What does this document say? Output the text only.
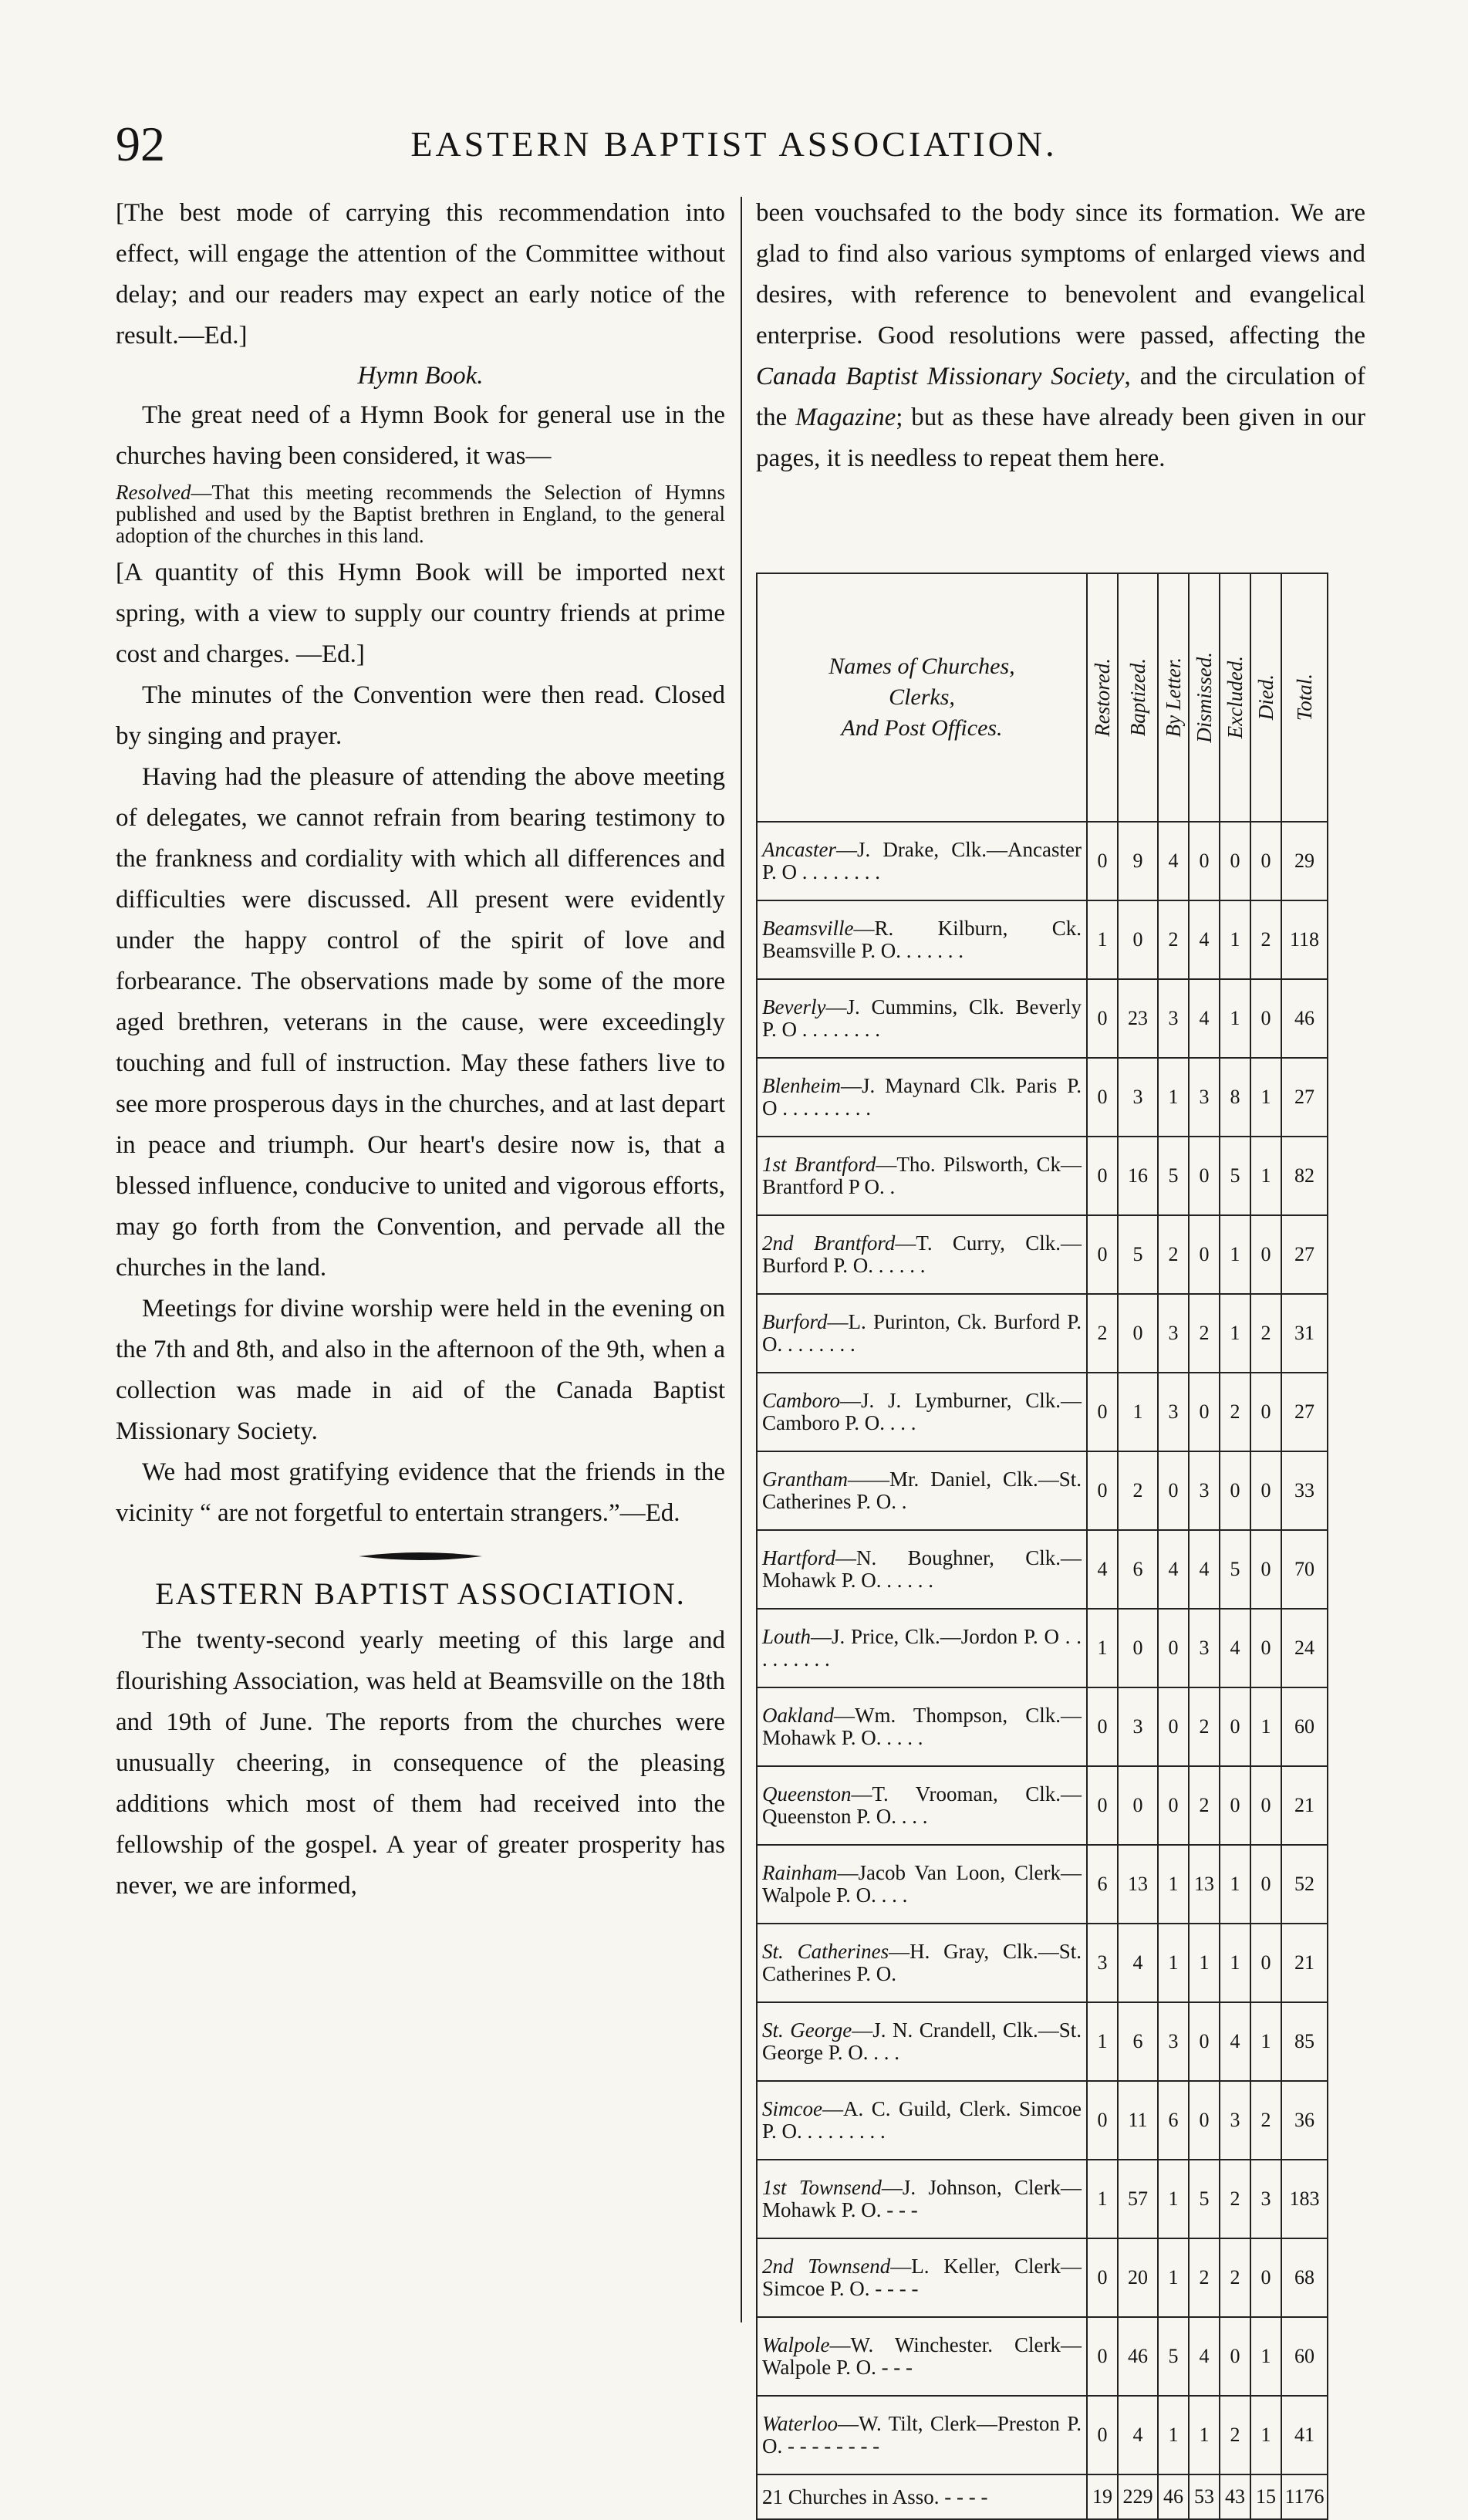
92	EASTERN BAPTIST ASSOCIATION.

[The best mode of carrying this recommendation into effect, will engage the attention of the Committee without delay; and our readers may expect an early notice of the result.—Ed.]

Hymn Book.

The great need of a Hymn Book for general use in the churches having been considered, it was—

Resolved—That this meeting recommends the Selection of Hymns published and used by the Baptist brethren in England, to the general adoption of the churches in this land.

[A quantity of this Hymn Book will be imported next spring, with a view to supply our country friends at prime cost and charges. —Ed.]

The minutes of the Convention were then read. Closed by singing and prayer.

Having had the pleasure of attending the above meeting of delegates, we cannot refrain from bearing testimony to the frankness and cordiality with which all differences and difficulties were discussed. All present were evidently under the happy control of the spirit of love and forbearance. The observations made by some of the more aged brethren, veterans in the cause, were exceedingly touching and full of instruction. May these fathers live to see more prosperous days in the churches, and at last depart in peace and triumph. Our heart's desire now is, that a blessed influence, conducive to united and vigorous efforts, may go forth from the Convention, and pervade all the churches in the land.

Meetings for divine worship were held in the evening on the 7th and 8th, and also in the afternoon of the 9th, when a collection was made in aid of the Canada Baptist Missionary Society.

We had most gratifying evidence that the friends in the vicinity “ are not forgetful to entertain strangers.”—Ed.

EASTERN BAPTIST ASSOCIATION.

The twenty-second yearly meeting of this large and flourishing Association, was held at Beamsville on the 18th and 19th of June. The reports from the churches were unusually cheering, in consequence of the pleasing additions which most of them had received into the fellowship of the gospel. A year of greater prosperity has never, we are informed,

been vouchsafed to the body since its formation. We are glad to find also various symptoms of enlarged views and desires, with reference to benevolent and evangelical enterprise. Good resolutions were passed, affecting the Canada Baptist Missionary Society, and the circulation of the Magazine; but as these have already been given in our pages, it is needless to repeat them here.

Names of Churches,
Clerks,
And Post Offices.	Restored.	Baptized.	By Letter.	Dismissed.	Excluded.	Died.	Total.

Ancaster—J. Drake, Clk.—Ancaster P. O . . . . . . . .	0	9	4	0	0	0	29
Beamsville—R. Kilburn, Ck. Beamsville P. O. . . . . . .	1	0	2	4	1	2	118
Beverly—J. Cummins, Clk. Beverly P. O . . . . . . . .	0	23	3	4	1	0	46
Blenheim—J. Maynard Clk. Paris P. O . . . . . . . . .	0	3	1	3	8	1	27
1st Brantford—Tho. Pilsworth, Ck—Brantford P O. .	0	16	5	0	5	1	82
2nd Brantford—T. Curry, Clk.—Burford P. O. . . . . .	0	5	2	0	1	0	27
Burford—L. Purinton, Ck. Burford P. O. . . . . . . .	2	0	3	2	1	2	31
Camboro—J. J. Lymburner, Clk.—Camboro P. O. . . .	0	1	3	0	2	0	27
Grantham——Mr. Daniel, Clk.—St. Catherines P. O. .	0	2	0	3	0	0	33
Hartford—N. Boughner, Clk.—Mohawk P. O. . . . . .	4	6	4	4	5	0	70
Louth—J. Price, Clk.—Jordon P. O . . . . . . . . .	1	0	0	3	4	0	24
Oakland—Wm. Thompson, Clk.—Mohawk P. O. . . . .	0	3	0	2	0	1	60
Queenston—T. Vrooman, Clk.—Queenston P. O. . . .	0	0	0	2	0	0	21
Rainham—Jacob Van Loon, Clerk—Walpole P. O. . . .	6	13	1	13	1	0	52
St. Catherines—H. Gray, Clk.—St. Catherines P. O.	3	4	1	1	1	0	21
St. George—J. N. Crandell, Clk.—St. George P. O. . . .	1	6	3	0	4	1	85
Simcoe—A. C. Guild, Clerk. Simcoe P. O. . . . . . . . .	0	11	6	0	3	2	36
1st Townsend—J. Johnson, Clerk—Mohawk P. O. - - -	1	57	1	5	2	3	183
2nd Townsend—L. Keller, Clerk—Simcoe P. O. - - - -	0	20	1	2	2	0	68
Walpole—W. Winchester. Clerk—Walpole P. O. - - -	0	46	5	4	0	1	60
Waterloo—W. Tilt, Clerk—Preston P. O. - - - - - - - -	0	4	1	1	2	1	41
21 Churches in Asso. - - - -	19	229	46	53	43	15	1176
